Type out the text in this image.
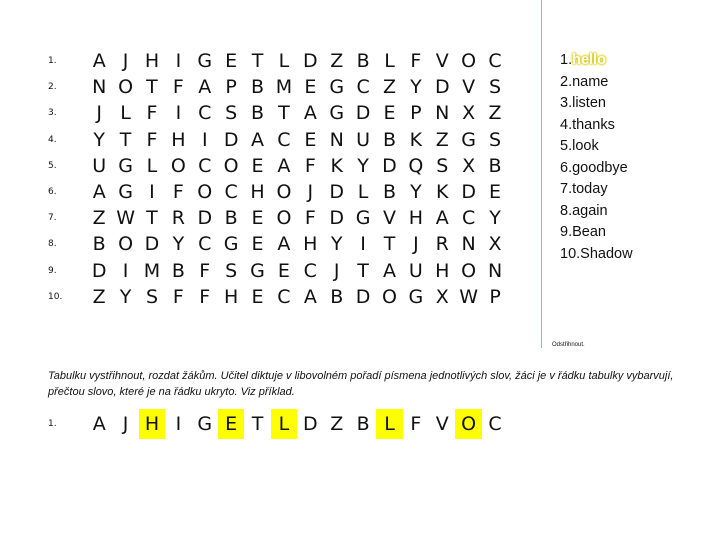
1.	A	J	H	I	G	E	T	L	D	Z	B	L	F	V	O	C
2.	N	O	T	F	A	P	B	M	E	G	C	Z	Y	D	V	S
3.	J	L	F	I	C	S	B	T	A	G	D	E	P	N	X	Z
4.	Y	T	F	H	I	D	A	C	E	N	U	B	K	Z	G	S
5.	U	G	L	O	C	O	E	A	F	K	Y	D	Q	S	X	B
6.	A	G	I	F	O	C	H	O	J	D	L	B	Y	K	D	E
7.	Z	W	T	R	D	B	E	O	F	D	G	V	H	A	C	Y
8.	B	O	D	Y	C	G	E	A	H	Y	I	T	J	R	N	X
9.	D	I	M	B	F	S	G	E	C	J	T	A	U	H	O	N
10.	Z	Y	S	F	F	H	E	C	A	B	D	O	G	X	W	P
1.hello
2.name
3.listen
4.thanks
5.look
6.goodbye
7.today
8.again
9.Bean
10.Shadow
Odstřihnout.

Tabulku vystřihnout, rozdat žákům. Učitel diktuje v libovolném pořadí písmena jednotlivých slov, žáci je v řádku tabulky vybarvují, přečtou slovo, které je na řádku ukryto. Viz příklad.

1.	A	J	H	I	G	E	T	L	D	Z	B	L	F	V	O	C
